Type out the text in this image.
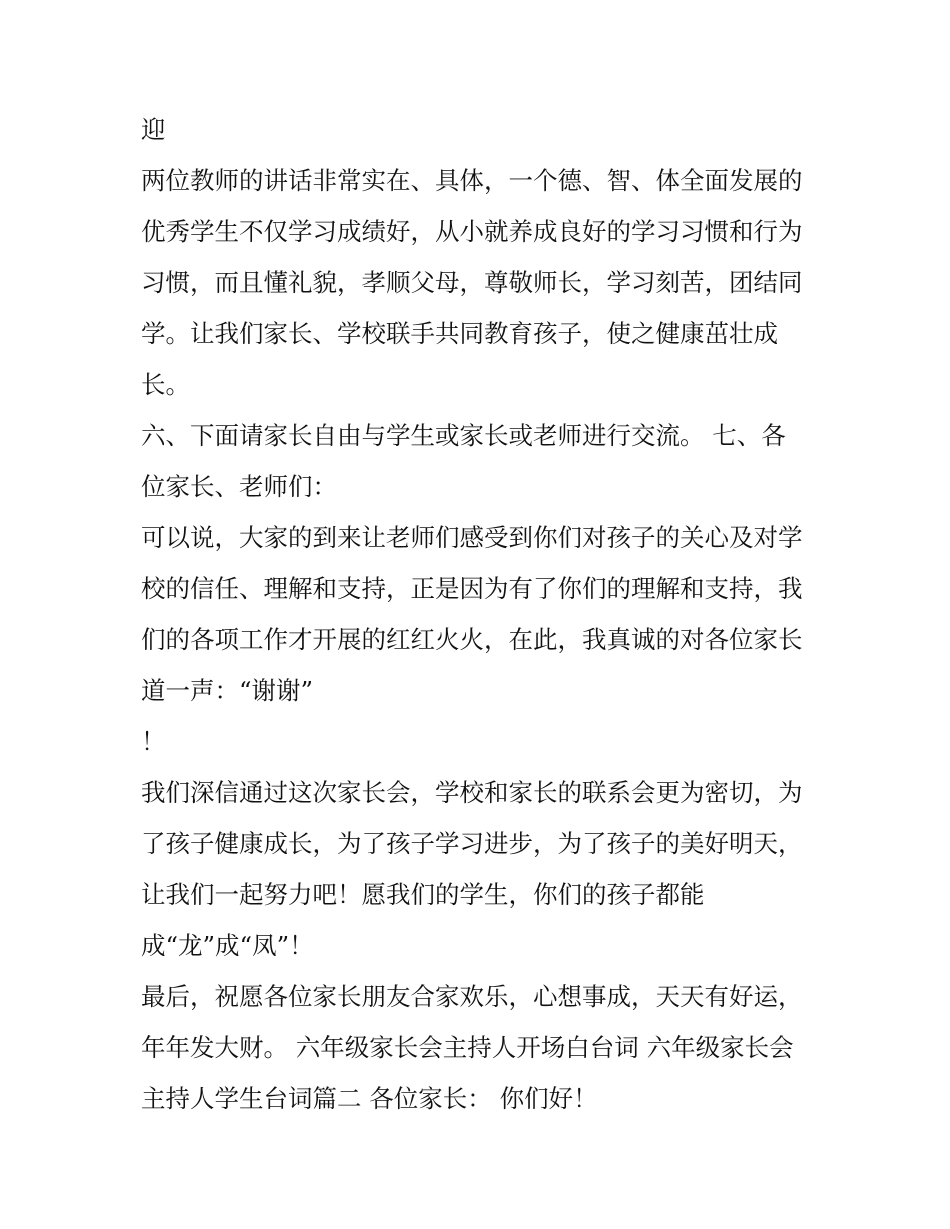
迎
两位教师的讲话非常实在、具体，一个德、智、体全面发展的
优秀学生不仅学习成绩好，从小就养成良好的学习习惯和行为
习惯，而且懂礼貌，孝顺父母，尊敬师长，学习刻苦，团结同
学。让我们家长、学校联手共同教育孩子，使之健康茁壮成
长。
六、下面请家长自由与学生或家长或老师进行交流。 七、各
位家长、老师们：
可以说，大家的到来让老师们感受到你们对孩子的关心及对学
校的信任、理解和支持，正是因为有了你们的理解和支持，我
们的各项工作才开展的红红火火，在此，我真诚的对各位家长
道一声：“谢谢”
！
我们深信通过这次家长会，学校和家长的联系会更为密切，为
了孩子健康成长，为了孩子学习进步，为了孩子的美好明天，
让我们一起努力吧！愿我们的学生，你们的孩子都能
成“龙”成“凤”！
最后，祝愿各位家长朋友合家欢乐，心想事成，天天有好运，
年年发大财。 六年级家长会主持人开场白台词 六年级家长会
主持人学生台词篇二 各位家长： 你们好！
